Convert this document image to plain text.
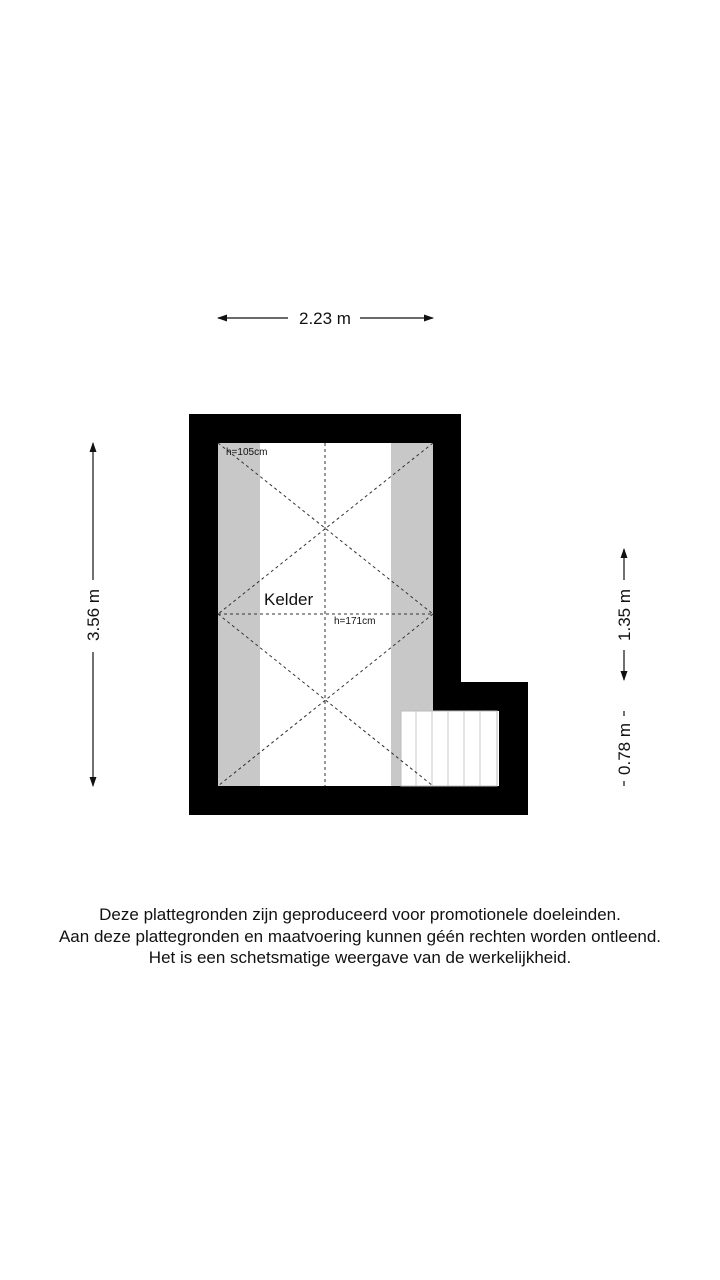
Kelder
h=105cm
h=171cm
2.23 m
3.56 m	1.35 m
0.78 m
Deze plattegronden zijn geproduceerd voor promotionele doeleinden.
Aan deze plattegronden en maatvoering kunnen géén rechten worden ontleend.
Het is een schetsmatige weergave van de werkelijkheid.
